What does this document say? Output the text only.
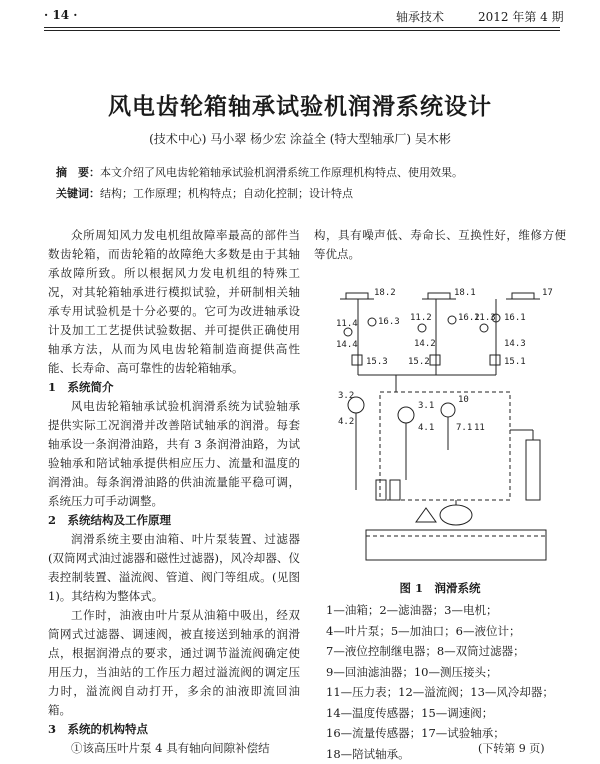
· 14 ·	轴承技术	2012 年第 4 期
风电齿轮箱轴承试验机润滑系统设计
(技术中心) 马小翠 杨少宏 涂益全 (特大型轴承厂) 吴木彬
摘　要：本文介绍了风电齿轮箱轴承试验机润滑系统工作原理机构特点、使用效果。
关键词：结构；工作原理；机构特点；自动化控制；设计特点

众所周知风力发电机组故障率最高的部件当数齿轮箱，而齿轮箱的故障绝大多数是由于其轴承故障所致。所以根据风力发电机组的特殊工况，对其轮箱轴承进行模拟试验，并研制相关轴承专用试验机是十分必要的。它可为改进轴承设计及加工工艺提供试验数据、并可提供正确使用轴承方法，从而为风电齿轮箱制造商提供高性能、长寿命、高可靠性的齿轮箱轴承。

1　系统简介

风电齿轮箱轴承试验机润滑系统为试验轴承提供实际工况润滑并改善陪试轴承的润滑。每套轴承设一条润滑油路，共有 3 条润滑油路，为试验轴承和陪试轴承提供相应压力、流量和温度的润滑油。每条润滑油路的供油流量能平稳可调，系统压力可手动调整。

2　系统结构及工作原理

润滑系统主要由油箱、叶片泵装置、过滤器(双筒网式油过滤器和磁性过滤器)，风冷却器、仪表控制装置、溢流阀、管道、阀门等组成。(见图 1)。其结构为整体式。

工作时，油液由叶片泵从油箱中吸出，经双筒网式过滤器、调速阀，被直接送到轴承的润滑点，根据润滑点的要求，通过调节溢流阀确定使用压力，当油站的工作压力超过溢流阀的调定压力时，溢流阀自动打开，多余的油液即流回油箱。

3　系统的机构特点

①该高压叶片泵 4 具有轴向间隙补偿结

构，具有噪声低、寿命长、互换性好，维修方便等优点。

18.2	18.1	17
11.4
14.4
16.3 11.2	16.2
11.3 16.1
14.2	14.3
15.2
15.3	15.1
3.2
4.2
3.1
4.1
10
7.1 11
图 1　润滑系统

1—油箱；2—滤油器；3—电机；

4—叶片泵；5—加油口；6—液位计；

7—液位控制继电器；8—双筒过滤器；

9—回油滤油器；10—测压接头；

11—压力表；12—溢流阀；13—风冷却器；

14—温度传感器；15—调速阀；

16—流量传感器；17—试验轴承；

18—陪试轴承。	(下转第 9 页)
